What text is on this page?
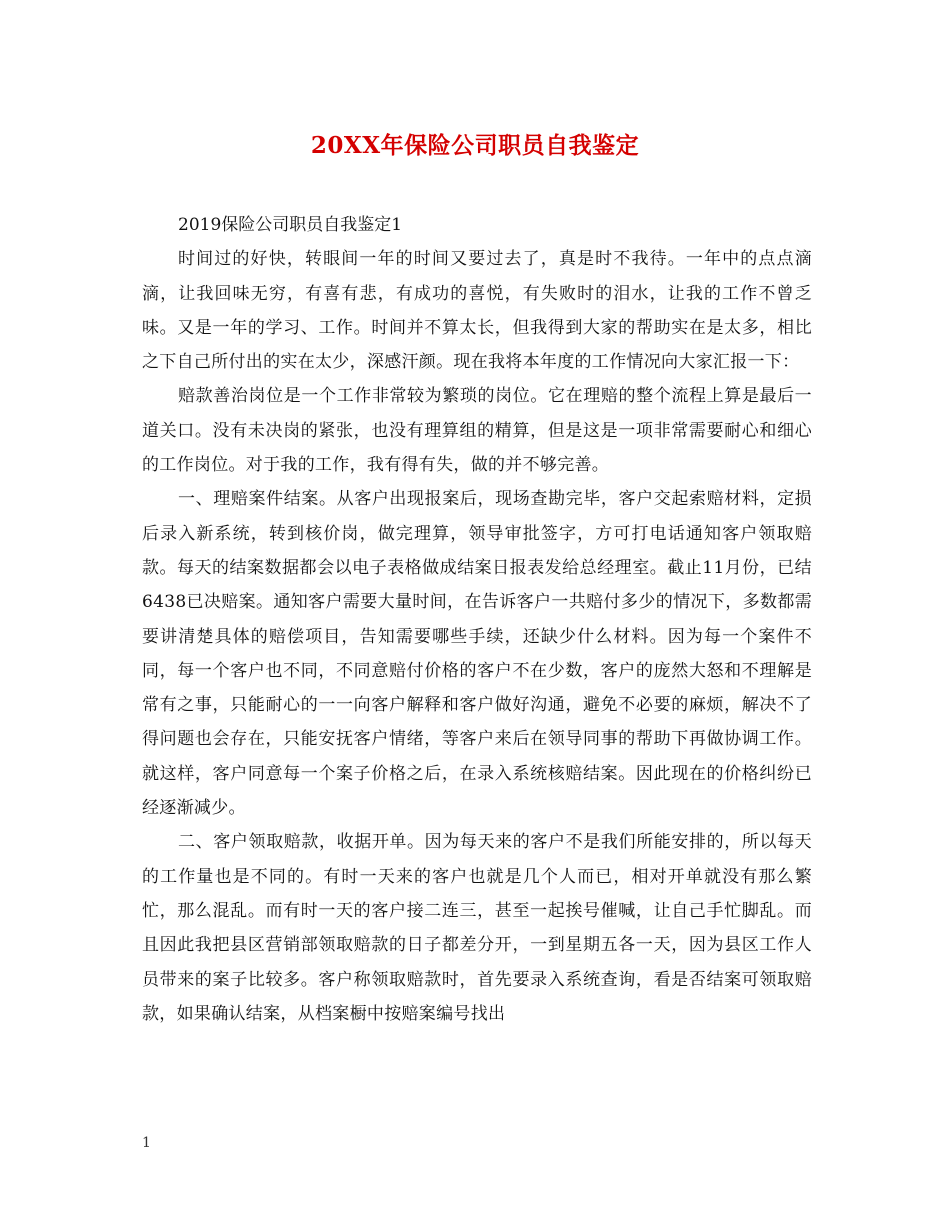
20XX年保险公司职员自我鉴定

2019保险公司职员自我鉴定1

时间过的好快，转眼间一年的时间又要过去了，真是时不我待。一年中的点点滴滴，让我回味无穷，有喜有悲，有成功的喜悦，有失败时的泪水，让我的工作不曾乏味。又是一年的学习、工作。时间并不算太长，但我得到大家的帮助实在是太多，相比之下自己所付出的实在太少，深感汗颜。现在我将本年度的工作情况向大家汇报一下：

赔款善治岗位是一个工作非常较为繁琐的岗位。它在理赔的整个流程上算是最后一道关口。没有未决岗的紧张，也没有理算组的精算，但是这是一项非常需要耐心和细心的工作岗位。对于我的工作，我有得有失，做的并不够完善。

一、理赔案件结案。从客户出现报案后，现场查勘完毕，客户交起索赔材料，定损后录入新系统，转到核价岗，做完理算，领导审批签字，方可打电话通知客户领取赔款。每天的结案数据都会以电子表格做成结案日报表发给总经理室。截止11月份，已结6438已决赔案。通知客户需要大量时间，在告诉客户一共赔付多少的情况下，多数都需要讲清楚具体的赔偿项目，告知需要哪些手续，还缺少什么材料。因为每一个案件不同，每一个客户也不同，不同意赔付价格的客户不在少数，客户的庞然大怒和不理解是常有之事，只能耐心的一一向客户解释和客户做好沟通，避免不必要的麻烦，解决不了得问题也会存在，只能安抚客户情绪，等客户来后在领导同事的帮助下再做协调工作。就这样，客户同意每一个案子价格之后，在录入系统核赔结案。因此现在的价格纠纷已经逐渐减少。

二、客户领取赔款，收据开单。因为每天来的客户不是我们所能安排的，所以每天的工作量也是不同的。有时一天来的客户也就是几个人而已，相对开单就没有那么繁忙，那么混乱。而有时一天的客户接二连三，甚至一起挨号催喊，让自己手忙脚乱。而且因此我把县区营销部领取赔款的日子都差分开，一到星期五各一天，因为县区工作人员带来的案子比较多。客户称领取赔款时，首先要录入系统查询，看是否结案可领取赔款，如果确认结案，从档案橱中按赔案编号找出

1
